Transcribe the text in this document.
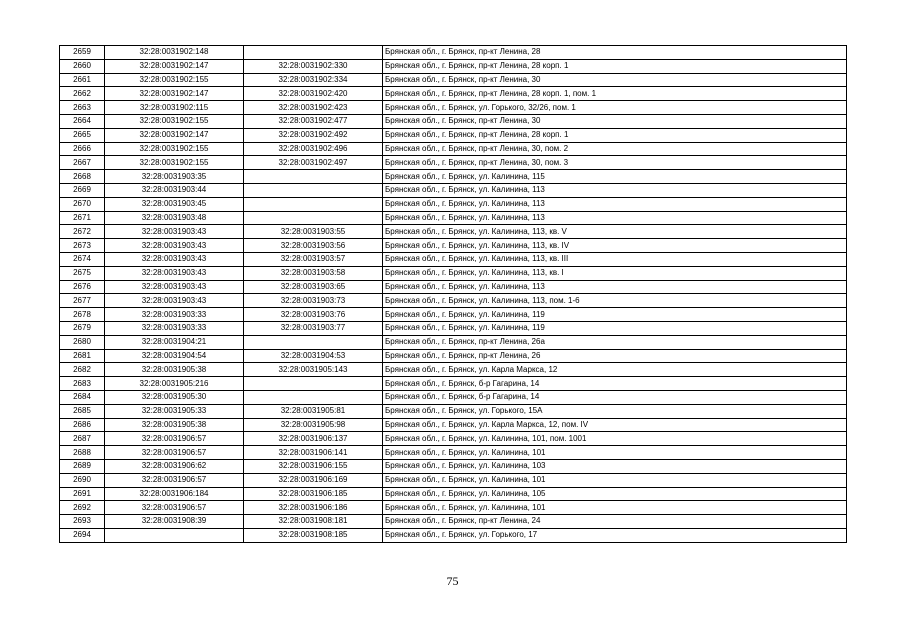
2659	32:28:0031902:148		Брянская обл., г. Брянск, пр-кт Ленина, 28
2660	32:28:0031902:147	32:28:0031902:330	Брянская обл., г. Брянск, пр-кт Ленина, 28 корп. 1
2661	32:28:0031902:155	32:28:0031902:334	Брянская обл., г. Брянск, пр-кт Ленина, 30
2662	32:28:0031902:147	32:28:0031902:420	Брянская обл., г. Брянск, пр-кт Ленина, 28 корп. 1, пом. 1
2663	32:28:0031902:115	32:28:0031902:423	Брянская обл., г. Брянск, ул. Горького, 32/26, пом. 1
2664	32:28:0031902:155	32:28:0031902:477	Брянская обл., г. Брянск, пр-кт Ленина, 30
2665	32:28:0031902:147	32:28:0031902:492	Брянская обл., г. Брянск, пр-кт Ленина, 28 корп. 1
2666	32:28:0031902:155	32:28:0031902:496	Брянская обл., г. Брянск, пр-кт Ленина, 30, пом. 2
2667	32:28:0031902:155	32:28:0031902:497	Брянская обл., г. Брянск, пр-кт Ленина, 30, пом. 3
2668	32:28:0031903:35		Брянская обл., г. Брянск, ул. Калинина, 115
2669	32:28:0031903:44		Брянская обл., г. Брянск, ул. Калинина, 113
2670	32:28:0031903:45		Брянская обл., г. Брянск, ул. Калинина, 113
2671	32:28:0031903:48		Брянская обл., г. Брянск, ул. Калинина, 113
2672	32:28:0031903:43	32:28:0031903:55	Брянская обл., г. Брянск, ул. Калинина, 113, кв. V
2673	32:28:0031903:43	32:28:0031903:56	Брянская обл., г. Брянск, ул. Калинина, 113, кв. IV
2674	32:28:0031903:43	32:28:0031903:57	Брянская обл., г. Брянск, ул. Калинина, 113, кв. III
2675	32:28:0031903:43	32:28:0031903:58	Брянская обл., г. Брянск, ул. Калинина, 113, кв. I
2676	32:28:0031903:43	32:28:0031903:65	Брянская обл., г. Брянск, ул. Калинина, 113
2677	32:28:0031903:43	32:28:0031903:73	Брянская обл., г. Брянск, ул. Калинина, 113, пом. 1-6
2678	32:28:0031903:33	32:28:0031903:76	Брянская обл., г. Брянск, ул. Калинина, 119
2679	32:28:0031903:33	32:28:0031903:77	Брянская обл., г. Брянск, ул. Калинина, 119
2680	32:28:0031904:21		Брянская обл., г. Брянск, пр-кт Ленина, 26а
2681	32:28:0031904:54	32:28:0031904:53	Брянская обл., г. Брянск, пр-кт Ленина, 26
2682	32:28:0031905:38	32:28:0031905:143	Брянская обл., г. Брянск, ул. Карла Маркса, 12
2683	32:28:0031905:216		Брянская обл., г. Брянск, б-р Гагарина, 14
2684	32:28:0031905:30		Брянская обл., г. Брянск, б-р Гагарина, 14
2685	32:28:0031905:33	32:28:0031905:81	Брянская обл., г. Брянск, ул. Горького, 15А
2686	32:28:0031905:38	32:28:0031905:98	Брянская обл., г. Брянск, ул. Карла Маркса, 12, пом. IV
2687	32:28:0031906:57	32:28:0031906:137	Брянская обл., г. Брянск, ул. Калинина, 101, пом. 1001
2688	32:28:0031906:57	32:28:0031906:141	Брянская обл., г. Брянск, ул. Калинина, 101
2689	32:28:0031906:62	32:28:0031906:155	Брянская обл., г. Брянск, ул. Калинина, 103
2690	32:28:0031906:57	32:28:0031906:169	Брянская обл., г. Брянск, ул. Калинина, 101
2691	32:28:0031906:184	32:28:0031906:185	Брянская обл., г. Брянск, ул. Калинина, 105
2692	32:28:0031906:57	32:28:0031906:186	Брянская обл., г. Брянск, ул. Калинина, 101
2693	32:28:0031908:39	32:28:0031908:181	Брянская обл., г. Брянск, пр-кт Ленина, 24
2694		32:28:0031908:185	Брянская обл., г. Брянск, ул. Горького, 17
75
